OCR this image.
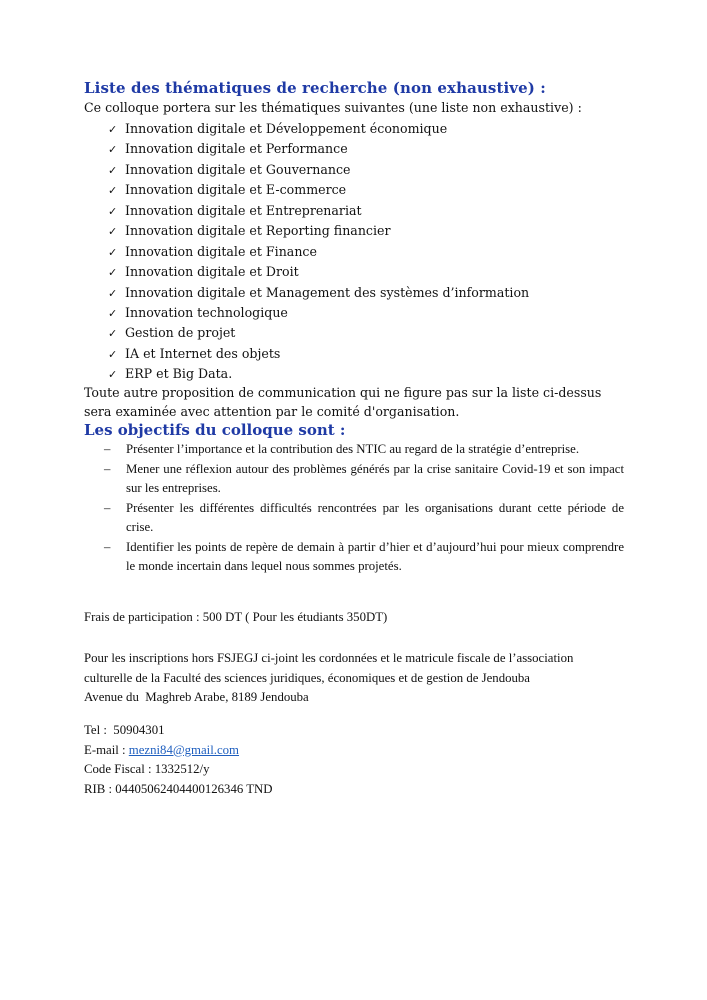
Liste des thématiques de recherche (non exhaustive) :
Ce colloque portera sur les thématiques suivantes (une liste non exhaustive) :
✓ Innovation digitale et Développement économique
✓ Innovation digitale et Performance
✓ Innovation digitale et Gouvernance
✓ Innovation digitale et E-commerce
✓ Innovation digitale et Entreprenariat
✓ Innovation digitale et Reporting financier
✓ Innovation digitale et Finance
✓ Innovation digitale et Droit
✓ Innovation digitale et Management des systèmes d’information
✓ Innovation technologique
✓ Gestion de projet
✓ IA et Internet des objets
✓ ERP et Big Data.

Toute autre proposition de communication qui ne figure pas sur la liste ci-dessus sera examinée avec attention par le comité d'organisation.

Les objectifs du colloque sont :
– Présenter l’importance et la contribution des NTIC au regard de la stratégie d’entreprise.
– Mener une réflexion autour des problèmes générés par la crise sanitaire Covid-19 et son impact sur les entreprises.
– Présenter les différentes difficultés rencontrées par les organisations durant cette période de crise.
– Identifier les points de repère de demain à partir d’hier et d’aujourd’hui pour mieux comprendre le monde incertain dans lequel nous sommes projetés.
Frais de participation : 500 DT ( Pour les étudiants 350DT)
Pour les inscriptions hors FSJEGJ ci-joint les cordonnées et le matricule fiscale de l’association
culturelle de la Faculté des sciences juridiques, économiques et de gestion de Jendouba
Avenue du  Maghreb Arabe, 8189 Jendouba
Tel :  50904301
E-mail : mezni84@gmail.com
Code Fiscal : 1332512/y
RIB : 04405062404400126346 TND
